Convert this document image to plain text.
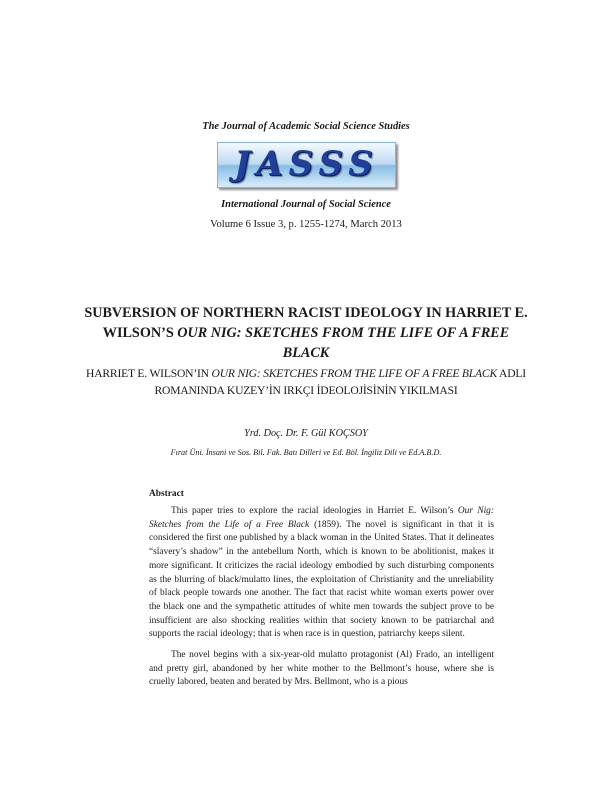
The Journal of Academic Social Science Studies
JASSS
International Journal of Social Science
Volume 6 Issue 3, p. 1255-1274, March 2013
SUBVERSION OF NORTHERN RACIST IDEOLOGY IN HARRIET E. WILSON’S OUR NIG: SKETCHES FROM THE LIFE OF A FREE BLACK
HARRIET E. WILSON’IN OUR NIG: SKETCHES FROM THE LIFE OF A FREE BLACK ADLI ROMANINDA KUZEY’İN IRKÇI İDEOLOJİSİNİN YIKILMASI
Yrd. Doç. Dr. F. Gül KOÇSOY
Fırat Üni. İnsani ve Sos. Bil. Fak. Batı Dilleri ve Ed. Böl. İngiliz Dili ve Ed.A.B.D.
Abstract

This paper tries to explore the racial ideologies in Harriet E. Wilson’s Our Nig: Sketches from the Life of a Free Black (1859). The novel is significant in that it is considered the first one published by a black woman in the United States. That it delineates “slavery’s shadow” in the antebellum North, which is known to be abolitionist, makes it more significant. It criticizes the racial ideology embodied by such disturbing components as the blurring of black/mulatto lines, the exploitation of Christianity and the unreliability of black people towards one another. The fact that racist white woman exerts power over the black one and the sympathetic attitudes of white men towards the subject prove to be insufficient are also shocking realities within that society known to be patriarchal and supports the racial ideology; that is when race is in question, patriarchy keeps silent.

The novel begins with a six-year-old mulatto protagonist (Al) Frado, an intelligent and pretty girl, abandoned by her white mother to the Bellmont’s house, where she is cruelly labored, beaten and berated by Mrs. Bellmont, who is a pious
